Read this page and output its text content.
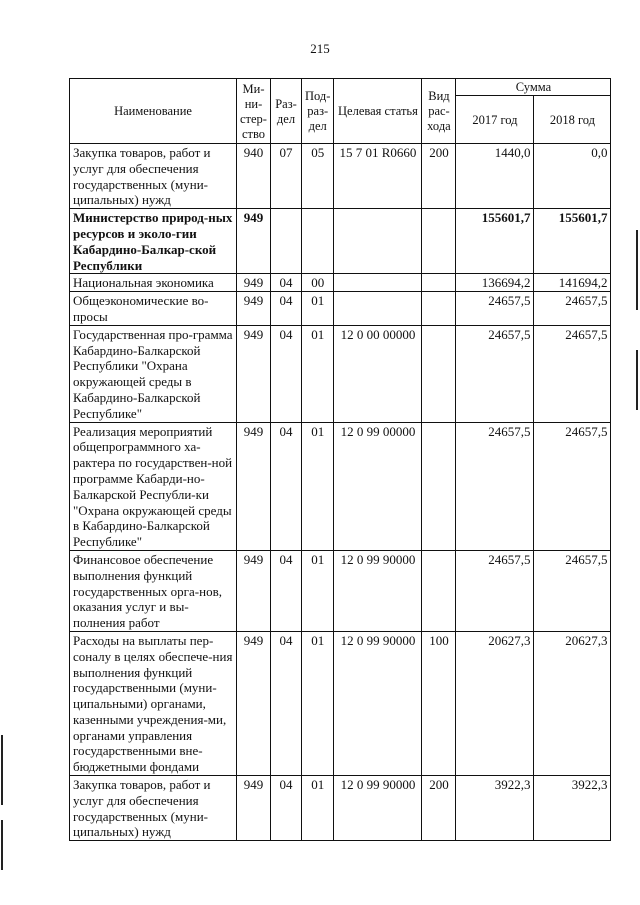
215
Наименование	Ми-ни-стер-ство	Раз-дел	Под-раз-дел	Целевая статья	Вид рас-хода	Сумма	
						2017 год	2018 год
Закупка товаров, работ и услуг для обеспечения государственных (муни-ципальных) нужд	940	07	05	15 7 01 R0660	200	1440,0	0,0
Министерство природ-ных ресурсов и эколо-гии Кабардино-Балкар-ской Республики	949					155601,7	155601,7
Национальная экономика	949	04	00			136694,2	141694,2
Общеэкономические во-просы	949	04	01			24657,5	24657,5
Государственная про-грамма Кабардино-Балкарской Республики "Охрана окружающей среды в Кабардино-Балкарской Республике"	949	04	01	12 0 00 00000		24657,5	24657,5
Реализация мероприятий общепрограммного ха-рактера по государствен-ной программе Кабарди-но-Балкарской Республи-ки "Охрана окружающей среды в Кабардино-Балкарской Республике"	949	04	01	12 0 99 00000		24657,5	24657,5
Финансовое обеспечение выполнения функций государственных орга-нов, оказания услуг и вы-полнения работ	949	04	01	12 0 99 90000		24657,5	24657,5
Расходы на выплаты пер-соналу в целях обеспече-ния выполнения функций государственными (муни-ципальными) органами, казенными учреждения-ми, органами управления государственными вне-бюджетными фондами	949	04	01	12 0 99 90000	100	20627,3	20627,3
Закупка товаров, работ и услуг для обеспечения государственных (муни-ципальных) нужд	949	04	01	12 0 99 90000	200	3922,3	3922,3
